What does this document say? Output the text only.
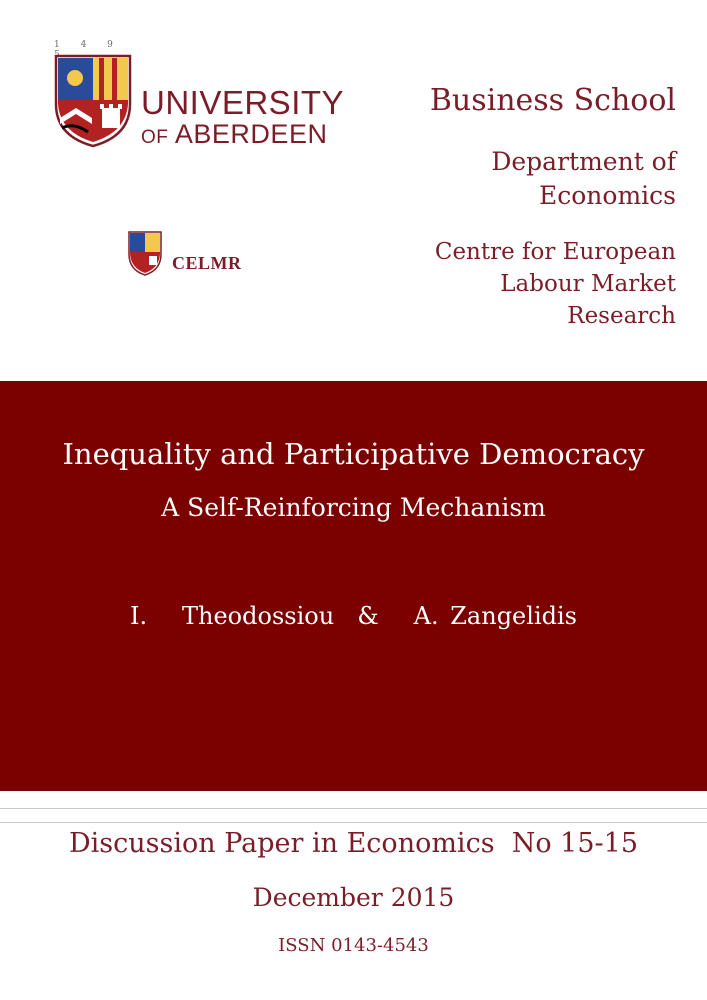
1 4 9
UNIVERSITY
OF ABERDEEN
CELMR
Business School
Department of
Economics
Centre for European
Labour Market
Research
Inequality and Participative Democracy
A Self-Reinforcing Mechanism
I.   Theodossiou  &   A. Zangelidis
Discussion Paper in Economics  No 15-15
December 2015
ISSN 0143-4543
